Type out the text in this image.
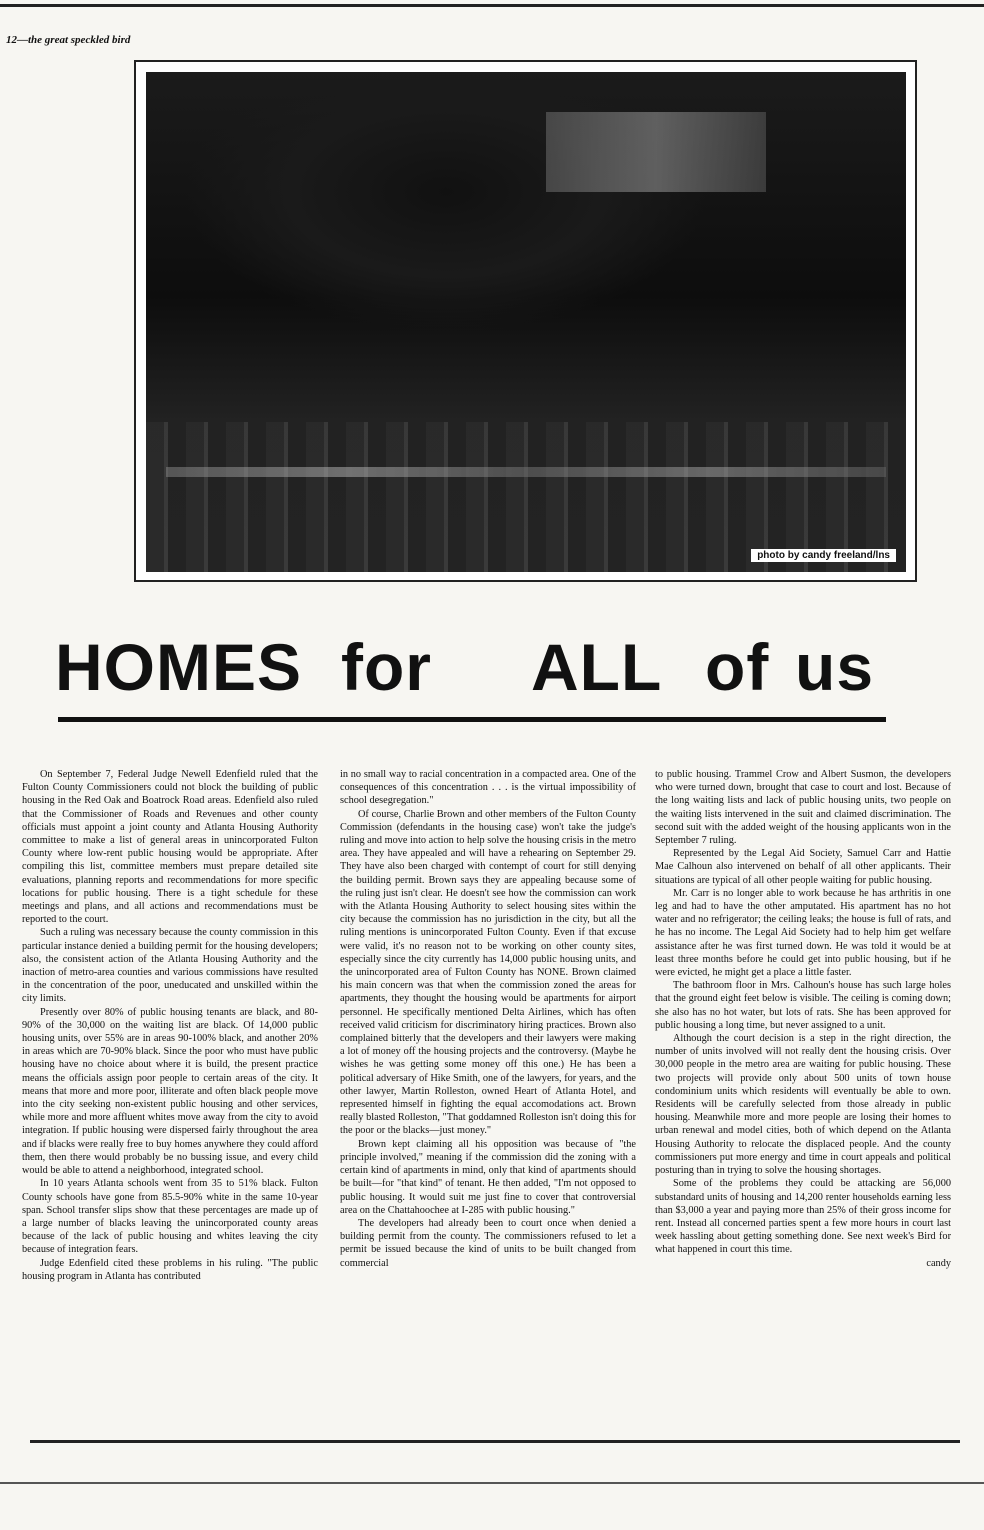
12—the great speckled bird
photo by candy freeland/lns
HOMES for ALL of us

On September 7, Federal Judge Newell Edenfield ruled that the Fulton County Commissioners could not block the building of public housing in the Red Oak and Boatrock Road areas. Edenfield also ruled that the Commissioner of Roads and Revenues and other county officials must appoint a joint county and Atlanta Housing Authority committee to make a list of general areas in unincorporated Fulton County where low-rent public housing would be appropriate. After compiling this list, committee members must prepare detailed site evaluations, planning reports and recommendations for more specific locations for public housing. There is a tight schedule for these meetings and plans, and all actions and recommendations must be reported to the court.

Such a ruling was necessary because the county commission in this particular instance denied a building permit for the housing developers; also, the consistent action of the Atlanta Housing Authority and the inaction of metro-area counties and various commissions have resulted in the concentration of the poor, uneducated and unskilled within the city limits.

Presently over 80% of public housing tenants are black, and 80-90% of the 30,000 on the waiting list are black. Of 14,000 public housing units, over 55% are in areas 90-100% black, and another 20% in areas which are 70-90% black. Since the poor who must have public housing have no choice about where it is build, the present practice means the officials assign poor people to certain areas of the city. It means that more and more poor, illiterate and often black people move into the city seeking non-existent public housing and other services, while more and more affluent whites move away from the city to avoid integration. If public housing were dispersed fairly throughout the area and if blacks were really free to buy homes anywhere they could afford them, then there would probably be no bussing issue, and every child would be able to attend a neighborhood, integrated school.

In 10 years Atlanta schools went from 35 to 51% black. Fulton County schools have gone from 85.5-90% white in the same 10-year span. School transfer slips show that these percentages are made up of a large number of blacks leaving the unincorporated county areas because of the lack of public housing and whites leaving the city because of integration fears.

Judge Edenfield cited these problems in his ruling. "The public housing program in Atlanta has contributed

in no small way to racial concentration in a compacted area. One of the consequences of this concentration . . . is the virtual impossibility of school desegregation."

Of course, Charlie Brown and other members of the Fulton County Commission (defendants in the housing case) won't take the judge's ruling and move into action to help solve the housing crisis in the metro area. They have appealed and will have a rehearing on September 29. They have also been charged with contempt of court for still denying the building permit. Brown says they are appealing because some of the ruling just isn't clear. He doesn't see how the commission can work with the Atlanta Housing Authority to select housing sites within the city because the commission has no jurisdiction in the city, but all the ruling mentions is unincorporated Fulton County. Even if that excuse were valid, it's no reason not to be working on other county sites, especially since the city currently has 14,000 public housing units, and the unincorporated area of Fulton County has NONE. Brown claimed his main concern was that when the commission zoned the areas for apartments, they thought the housing would be apartments for airport personnel. He specifically mentioned Delta Airlines, which has often received valid criticism for discriminatory hiring practices. Brown also complained bitterly that the developers and their lawyers were making a lot of money off the housing projects and the controversy. (Maybe he wishes he was getting some money off this one.) He has been a political adversary of Hike Smith, one of the lawyers, for years, and the other lawyer, Martin Rolleston, owned Heart of Atlanta Hotel, and represented himself in fighting the equal accomodations act. Brown really blasted Rolleston, "That goddamned Rolleston isn't doing this for the poor or the blacks—just money."

Brown kept claiming all his opposition was because of "the principle involved," meaning if the commission did the zoning with a certain kind of apartments in mind, only that kind of apartments should be built—for "that kind" of tenant. He then added, "I'm not opposed to public housing. It would suit me just fine to cover that controversial area on the Chattahoochee at I-285 with public housing."

The developers had already been to court once when denied a building permit from the county. The commissioners refused to let a permit be issued because the kind of units to be built changed from commercial

to public housing. Trammel Crow and Albert Susmon, the developers who were turned down, brought that case to court and lost. Because of the long waiting lists and lack of public housing units, two people on the waiting lists intervened in the suit and claimed discrimination. The second suit with the added weight of the housing applicants won in the September 7 ruling.

Represented by the Legal Aid Society, Samuel Carr and Hattie Mae Calhoun also intervened on behalf of all other applicants. Their situations are typical of all other people waiting for public housing.

Mr. Carr is no longer able to work because he has arthritis in one leg and had to have the other amputated. His apartment has no hot water and no refrigerator; the ceiling leaks; the house is full of rats, and he has no income. The Legal Aid Society had to help him get welfare assistance after he was first turned down. He was told it would be at least three months before he could get into public housing, but if he were evicted, he might get a place a little faster.

The bathroom floor in Mrs. Calhoun's house has such large holes that the ground eight feet below is visible. The ceiling is coming down; she also has no hot water, but lots of rats. She has been approved for public housing a long time, but never assigned to a unit.

Although the court decision is a step in the right direction, the number of units involved will not really dent the housing crisis. Over 30,000 people in the metro area are waiting for public housing. These two projects will provide only about 500 units of town house condominium units which residents will eventually be able to own. Residents will be carefully selected from those already in public housing. Meanwhile more and more people are losing their homes to urban renewal and model cities, both of which depend on the Atlanta Housing Authority to relocate the displaced people. And the county commissioners put more energy and time in court appeals and political posturing than in trying to solve the housing shortages.

Some of the problems they could be attacking are 56,000 substandard units of housing and 14,200 renter households earning less than $3,000 a year and paying more than 25% of their gross income for rent. Instead all concerned parties spent a few more hours in court last week hassling about getting something done. See next week's Bird for what happened in court this time.

candy
